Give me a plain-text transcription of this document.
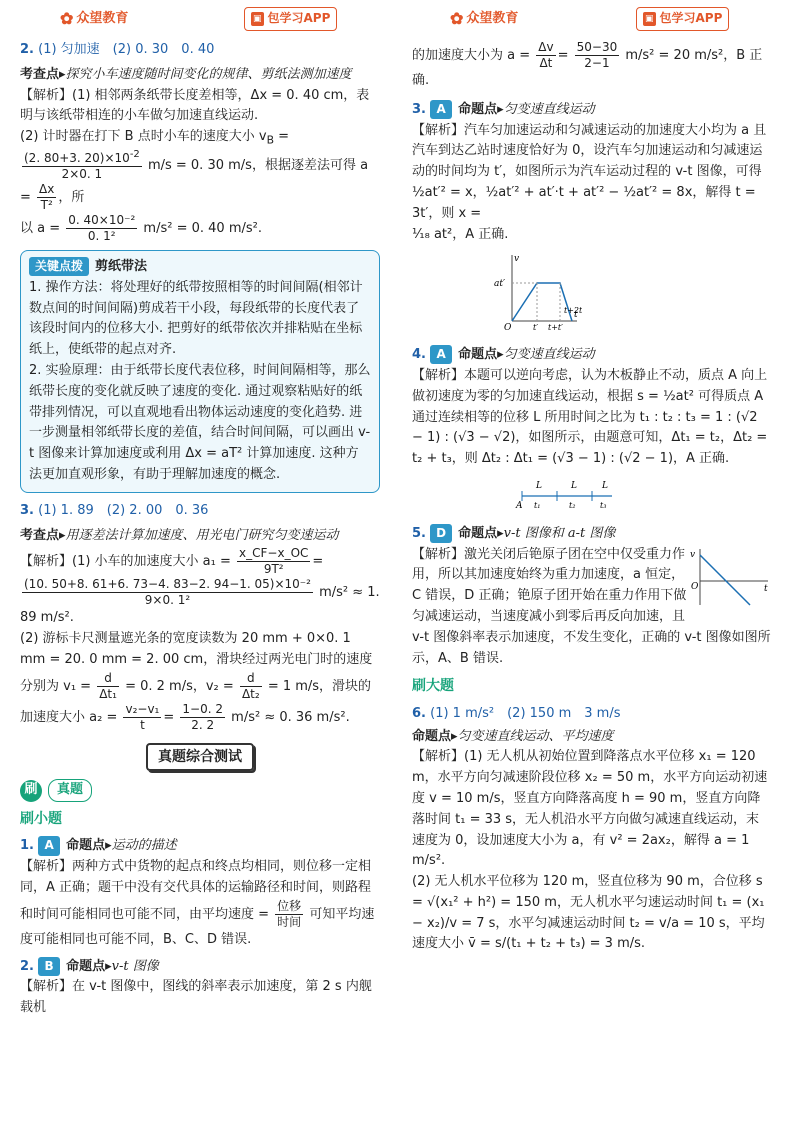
✿ 众望教育	▣ 包学习APP	✿ 众望教育	▣ 包学习APP

2. (1) 匀加速　(2) 0. 30　0. 40

考查点▸探究小车速度随时间变化的规律、剪纸法测加速度

【解析】(1) 相邻两条纸带长度差相等，Δx = 0. 40 cm，表明与该纸带相连的小车做匀加速直线运动.

(2) 计时器在打下 B 点时小车的速度大小 $v_B$ =

$\frac{(2. 80+3. 20)\times 10^{-2}}{2\times 0. 1} m/s = 0$. 30 m/s，根据逐差法可得 $a = \frac{\Delta x}{\text{T²}}$ ，所

以 $a = \frac{\text{0. 40×10⁻²}}{\text{0. 1²}} m/s^2 = 0$. 40 m/s².

关键点拨 剪纸带法

1. 操作方法：将处理好的纸带按照相等的时间间隔(相邻计数点间的时间间隔)剪成若干小段，每段纸带的长度代表了该段时间内的位移大小. 把剪好的纸带依次并排粘贴在坐标纸上，使纸带的起点对齐.

2. 实验原理：由于纸带长度代表位移，时间间隔相等，那么纸带长度的变化就反映了速度的变化. 通过观察粘贴好的纸带排列情况，可以直观地看出物体运动速度的变化趋势. 进一步测量相邻纸带长度的差值，结合时间间隔，可以画出 v-t 图像来计算加速度或利用 Δx = aT² 计算加速度. 这种方法更加直观形象，有助于理解加速度的概念.

3. (1) 1. 89　(2) 2. 00　0. 36

考查点▸用逐差法计算加速度、用光电门研究匀变速运动

【解析】(1) 小车的加速度大小 $a_1 = \frac{x\_CF-x\_OC}{\text{9T²}}$ =

$\frac{\text{(10. 50+8. 61+6. 73−4. 83−2. 94−1. 05)×10⁻²}}{\text{9×0. 1²}} m/s^2 \approx 1$. 89 m/s².

(2) 游标卡尺测量遮光条的宽度读数为 20 mm + 0×0. 1 mm = 20. 0 mm = 2. 00 cm，滑块经过两光电门时的速度分别为 $v_1 = \frac{d}{\text{Δt₁}} = 0$. 2 m/s，$v_2 = \frac{d}{\text{Δt₂}} = 1$ m/s，滑块的加速度大小 $a_2 = \frac{\text{v₂−v₁}}{t} = \frac{1-0. 2}{2. 2} m/s^2 \approx 0$. 36 m/s².

真题综合测试
刷	真题
刷小题

1. A 命题点▸运动的描述

【解析】两种方式中货物的起点和终点均相同，则位移一定相同，A 正确；题干中没有交代具体的运输路径和时间，则路程和时间可能相同也可能不同，由平均速度 = $\frac{\text{位移}}{\text{时间}}$ 可知平均速度可能相同也可能不同，B、C、D 错误.

2. B 命题点▸v-t 图像

【解析】在 v-t 图像中，图线的斜率表示加速度，第 2 s 内舰载机

的加速度大小为 $a = \frac{\Delta v}{\Delta t} = \frac{50-30}{2-1} m/s^2 = 20$ m/s²，B 正确.

3. A 命题点▸匀变速直线运动

【解析】汽车匀加速运动和匀减速运动的加速度大小均为 a 且汽车到达乙站时速度恰好为 0，设汽车匀加速运动和匀减速运动的时间均为 t′，如图所示为汽车运动过程的 v-t 图像，可得

½at′² = x，½at′² + at′·t + at′² − ½at′² = 8x，解得 t = 3t′，则 x =

¹⁄₁₈ at²，A 正确.

v
at′
O	t′ t+t′
t+2t
t

4. A 命题点▸匀变速直线运动

【解析】本题可以逆向考虑，认为木板静止不动，质点 A 向上做初速度为零的匀加速直线运动，根据 s = ½at² 可得质点 A 通过连续相等的位移 L 所用时间之比为 t₁ : t₂ : t₃ = 1 : (√2 − 1) : (√3 − √2)，如图所示，由题意可知，Δt₁ = t₂，Δt₂ = t₂ + t₃，则 Δt₂ : Δt₁ = (√3 − 1) : (√2 − 1)，A 正确.

L	L	L
A t₁	t₂	t₃

5. D 命题点▸v-t 图像和 a-t 图像

v
O	t

【解析】激光关闭后铯原子团在空中仅受重力作用，所以其加速度始终为重力加速度，a 恒定，C 错误，D 正确；铯原子团开始在重力作用下做匀减速运动，当速度减小到零后再反向加速，且 v-t 图像斜率表示加速度，不发生变化，正确的 v-t 图像如图所示，A、B 错误.

刷大题

6. (1) 1 m/s²　(2) 150 m　3 m/s

命题点▸匀变速直线运动、平均速度

【解析】(1) 无人机从初始位置到降落点水平位移 x₁ = 120 m，水平方向匀减速阶段位移 x₂ = 50 m，水平方向运动初速度 v = 10 m/s，竖直方向降落高度 h = 90 m，竖直方向降落时间 t₁ = 33 s，无人机沿水平方向做匀减速直线运动，末速度为 0，设加速度大小为 a，有 v² = 2ax₂，解得 a = 1 m/s².

(2) 无人机水平位移为 120 m，竖直位移为 90 m，合位移 s = √(x₁² + h²) = 150 m，无人机水平匀速运动时间 t₁ = (x₁ − x₂)/v = 7 s，水平匀减速运动时间 t₂ = v/a = 10 s，平均速度大小 v̄ = s/(t₁ + t₂ + t₃) = 3 m/s.
